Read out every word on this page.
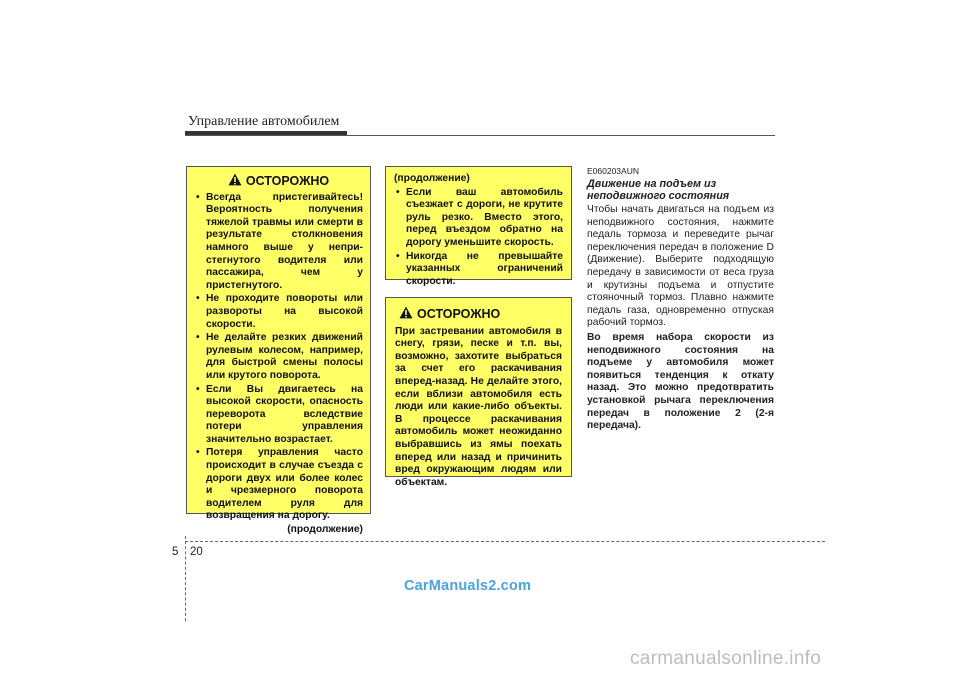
Управление автомобилем
ОСТОРОЖНО
• Всегда пристегивайтесь! Вероятность получения тяжелой травмы или смерти в результате столкновения намного выше у непри-стегнутого водителя или пассажира, чем у пристегнутого.
• Не проходите повороты или развороты на высокой скорости.
• Не делайте резких движений рулевым колесом, например, для быстрой смены полосы или крутого поворота.
• Если Вы двигаетесь на высокой скорости, опасность переворота вследствие потери управления значительно возрастает.
• Потеря управления часто происходит в случае съезда с дороги двух или более колес и чрезмерного поворота водителем руля для возвращения на дорогу.
(продолжение)
(продолжение)
• Если ваш автомобиль съезжает с дороги, не крутите руль резко. Вместо этого, перед въездом обратно на дорогу уменьшите скорость.
• Никогда не превышайте указанных ограничений скорости.
ОСТОРОЖНО
При застревании автомобиля в снегу, грязи, песке и т.п. вы, возможно, захотите выбраться за счет его раскачивания вперед-назад. Не делайте этого, если вблизи автомобиля есть люди или какие-либо объекты. В процессе раскачивания автомобиль может неожиданно выбравшись из ямы поехать вперед или назад и причинить вред окружающим людям или объектам.
E060203AUN
Движение на подъем из неподвижного состояния
Чтобы начать двигаться на подъем из неподвижного состояния, нажмите педаль тормоза и переведите рычаг переключения передач в положение D (Движение). Выберите подходящую передачу в зависимости от веса груза и крутизны подъема и отпустите стояночный тормоз. Плавно нажмите педаль газа, одновременно отпуская рабочий тормоз.
Во время набора скорости из неподвижного состояния на подъеме у автомобиля может появиться тенденция к откату назад. Это можно предотвратить установкой рычага переключения передач в положение 2 (2-я передача).
5 20
CarManuals2.com
carmanualsonline.info
